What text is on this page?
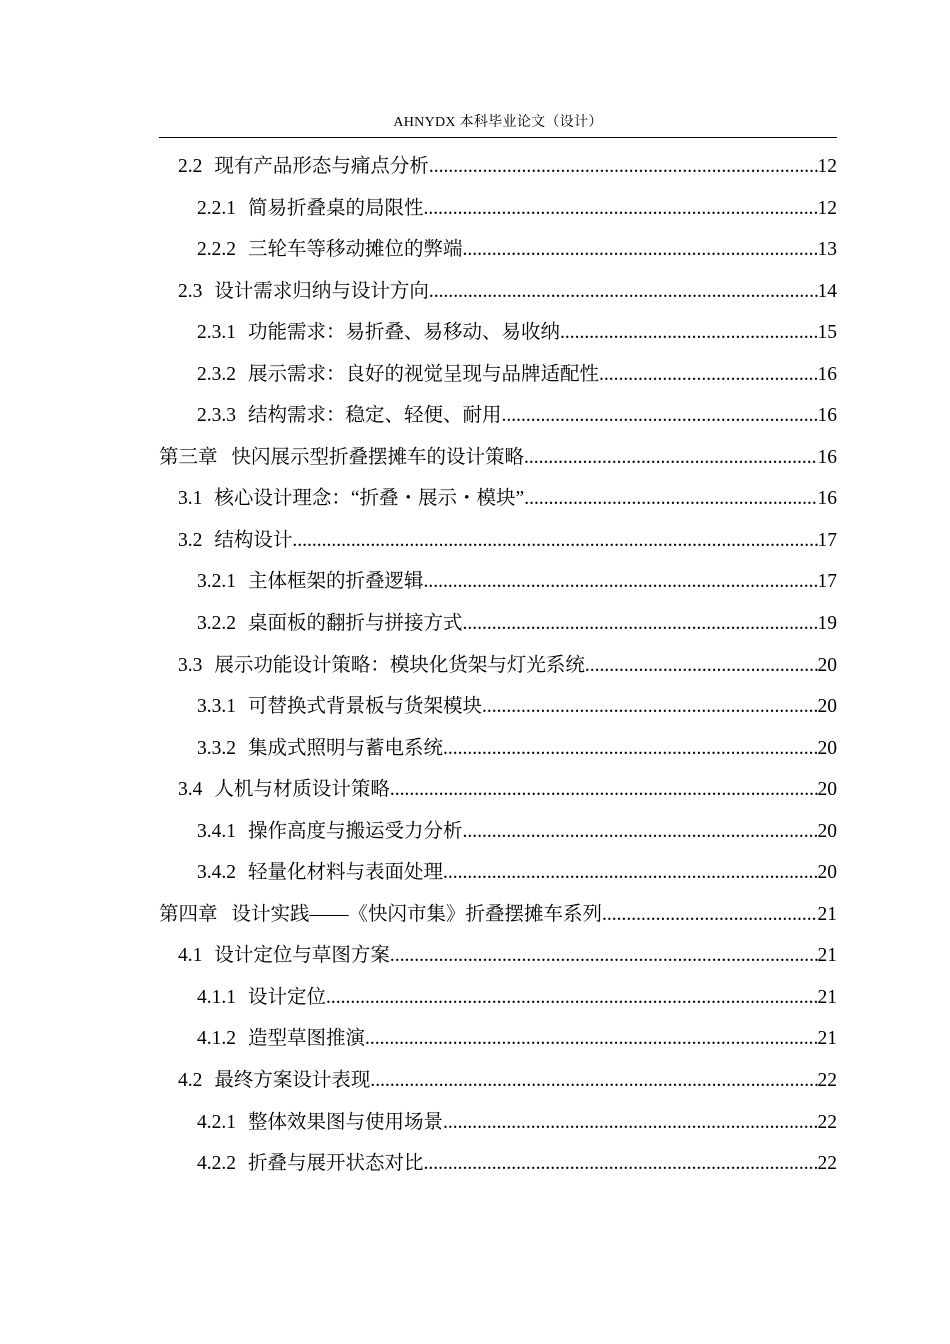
AHNYDX 本科毕业论文（设计）
2.2 现有产品形态与痛点分析 .....	12
2.2.1 简易折叠桌的局限性 .....	12
2.2.2 三轮车等移动摊位的弊端 .....	13
2.3 设计需求归纳与设计方向 .....	14
2.3.1 功能需求：易折叠、易移动、易收纳 .....	15
2.3.2 展示需求：良好的视觉呈现与品牌适配性 .....	16
2.3.3 结构需求：稳定、轻便、耐用 .....	16
第三章 快闪展示型折叠摆摊车的设计策略 .....	16
3.1 核心设计理念：“折叠・展示・模块” .....	16
3.2 结构设计 .....	17
3.2.1 主体框架的折叠逻辑 .....	17
3.2.2 桌面板的翻折与拼接方式 .....	19
3.3 展示功能设计策略：模块化货架与灯光系统 .....	20
3.3.1 可替换式背景板与货架模块 .....	20
3.3.2 集成式照明与蓄电系统 .....	20
3.4 人机与材质设计策略 .....	20
3.4.1 操作高度与搬运受力分析 .....	20
3.4.2 轻量化材料与表面处理 .....	20
第四章 设计实践——《快闪市集》折叠摆摊车系列 .....	21
4.1 设计定位与草图方案 .....	21
4.1.1 设计定位 .....	21
4.1.2 造型草图推演 .....	21
4.2 最终方案设计表现 .....	22
4.2.1 整体效果图与使用场景 .....	22
4.2.2 折叠与展开状态对比 .....	22
